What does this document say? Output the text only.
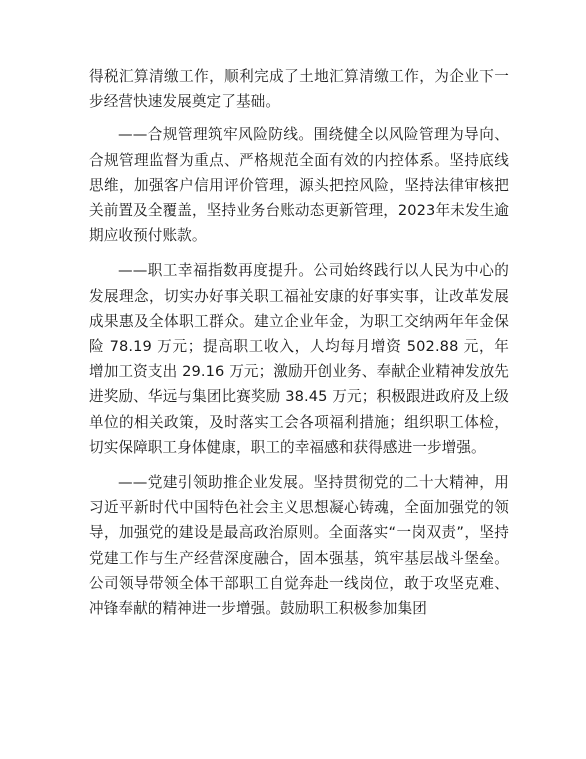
得税汇算清缴工作，顺利完成了土地汇算清缴工作，为企业下一步经营快速发展奠定了基础。

——合规管理筑牢风险防线。围绕健全以风险管理为导向、合规管理监督为重点、严格规范全面有效的内控体系。坚持底线思维，加强客户信用评价管理，源头把控风险，坚持法律审核把关前置及全覆盖，坚持业务台账动态更新管理，2023年未发生逾期应收预付账款。

——职工幸福指数再度提升。公司始终践行以人民为中心的发展理念，切实办好事关职工福祉安康的好事实事，让改革发展成果惠及全体职工群众。建立企业年金，为职工交纳两年年金保险 78.19 万元；提高职工收入，人均每月增资 502.88 元，年增加工资支出 29.16 万元；激励开创业务、奉献企业精神发放先进奖励、华远与集团比赛奖励 38.45 万元；积极跟进政府及上级单位的相关政策，及时落实工会各项福利措施；组织职工体检，切实保障职工身体健康，职工的幸福感和获得感进一步增强。

——党建引领助推企业发展。坚持贯彻党的二十大精神，用习近平新时代中国特色社会主义思想凝心铸魂，全面加强党的领导，加强党的建设是最高政治原则。全面落实“一岗双责”，坚持党建工作与生产经营深度融合，固本强基，筑牢基层战斗堡垒。公司领导带领全体干部职工自觉奔赴一线岗位，敢于攻坚克难、冲锋奉献的精神进一步增强。鼓励职工积极参加集团
